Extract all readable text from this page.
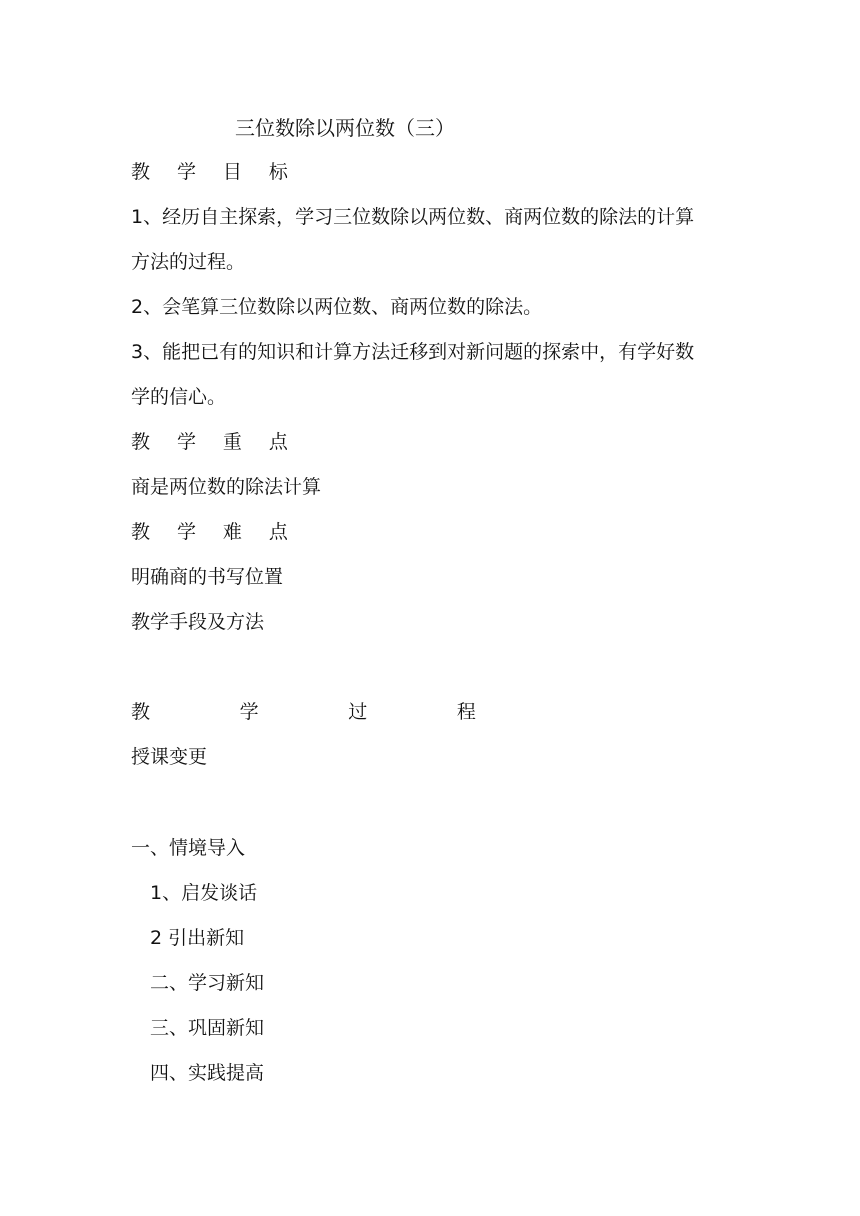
三位数除以两位数（三）
教 学 目 标
1、经历自主探索，学习三位数除以两位数、商两位数的除法的计算
方法的过程。
2、会笔算三位数除以两位数、商两位数的除法。
3、能把已有的知识和计算方法迁移到对新问题的探索中，有学好数
学的信心。
教 学 重 点
商是两位数的除法计算
教 学 难 点
明确商的书写位置
教学手段及方法
教 学 过 程
授课变更
一、情境导入
1、启发谈话
2 引出新知
二、学习新知
三、巩固新知
四、实践提高
